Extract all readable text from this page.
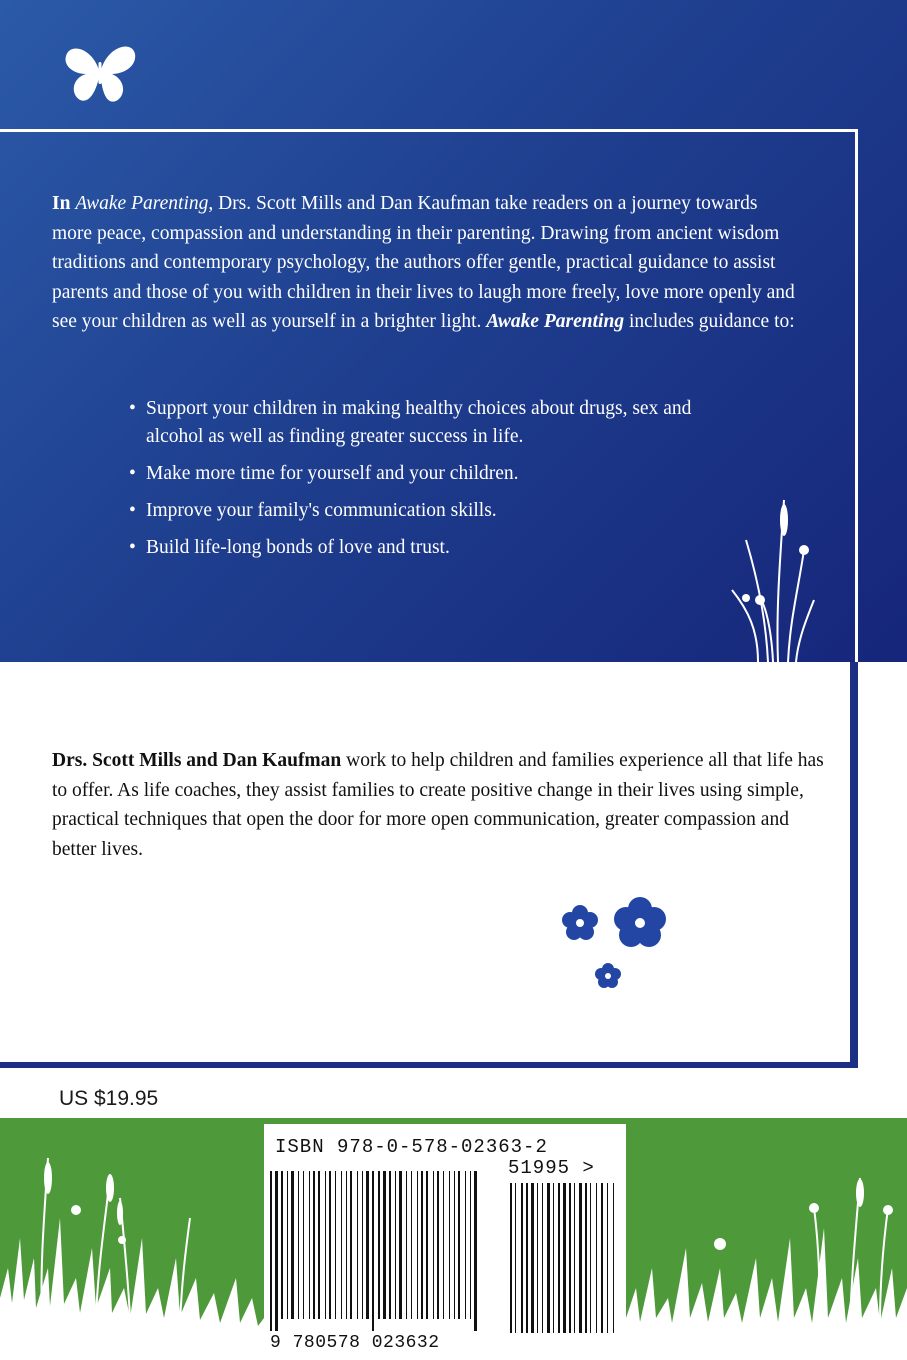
In Awake Parenting, Drs. Scott Mills and Dan Kaufman take readers on a journey towards more peace, compassion and understanding in their parenting. Drawing from ancient wisdom traditions and contemporary psychology, the authors offer gentle, practical guidance to assist parents and those of you with children in their lives to laugh more freely, love more openly and see your children as well as yourself in a brighter light. Awake Parenting includes guidance to:
• Support your children in making healthy choices about drugs, sex and alcohol as well as finding greater success in life.
• Make more time for yourself and your children.
• Improve your family's communication skills.
• Build life-long bonds of love and trust.
Drs. Scott Mills and Dan Kaufman work to help children and families experience all that life has to offer. As life coaches, they assist families to create positive change in their lives using simple, practical techniques that open the door for more open communication, greater compassion and better lives.
US $19.95
ISBN 978-0-578-02363-2
51995 >
9 780578 023632
